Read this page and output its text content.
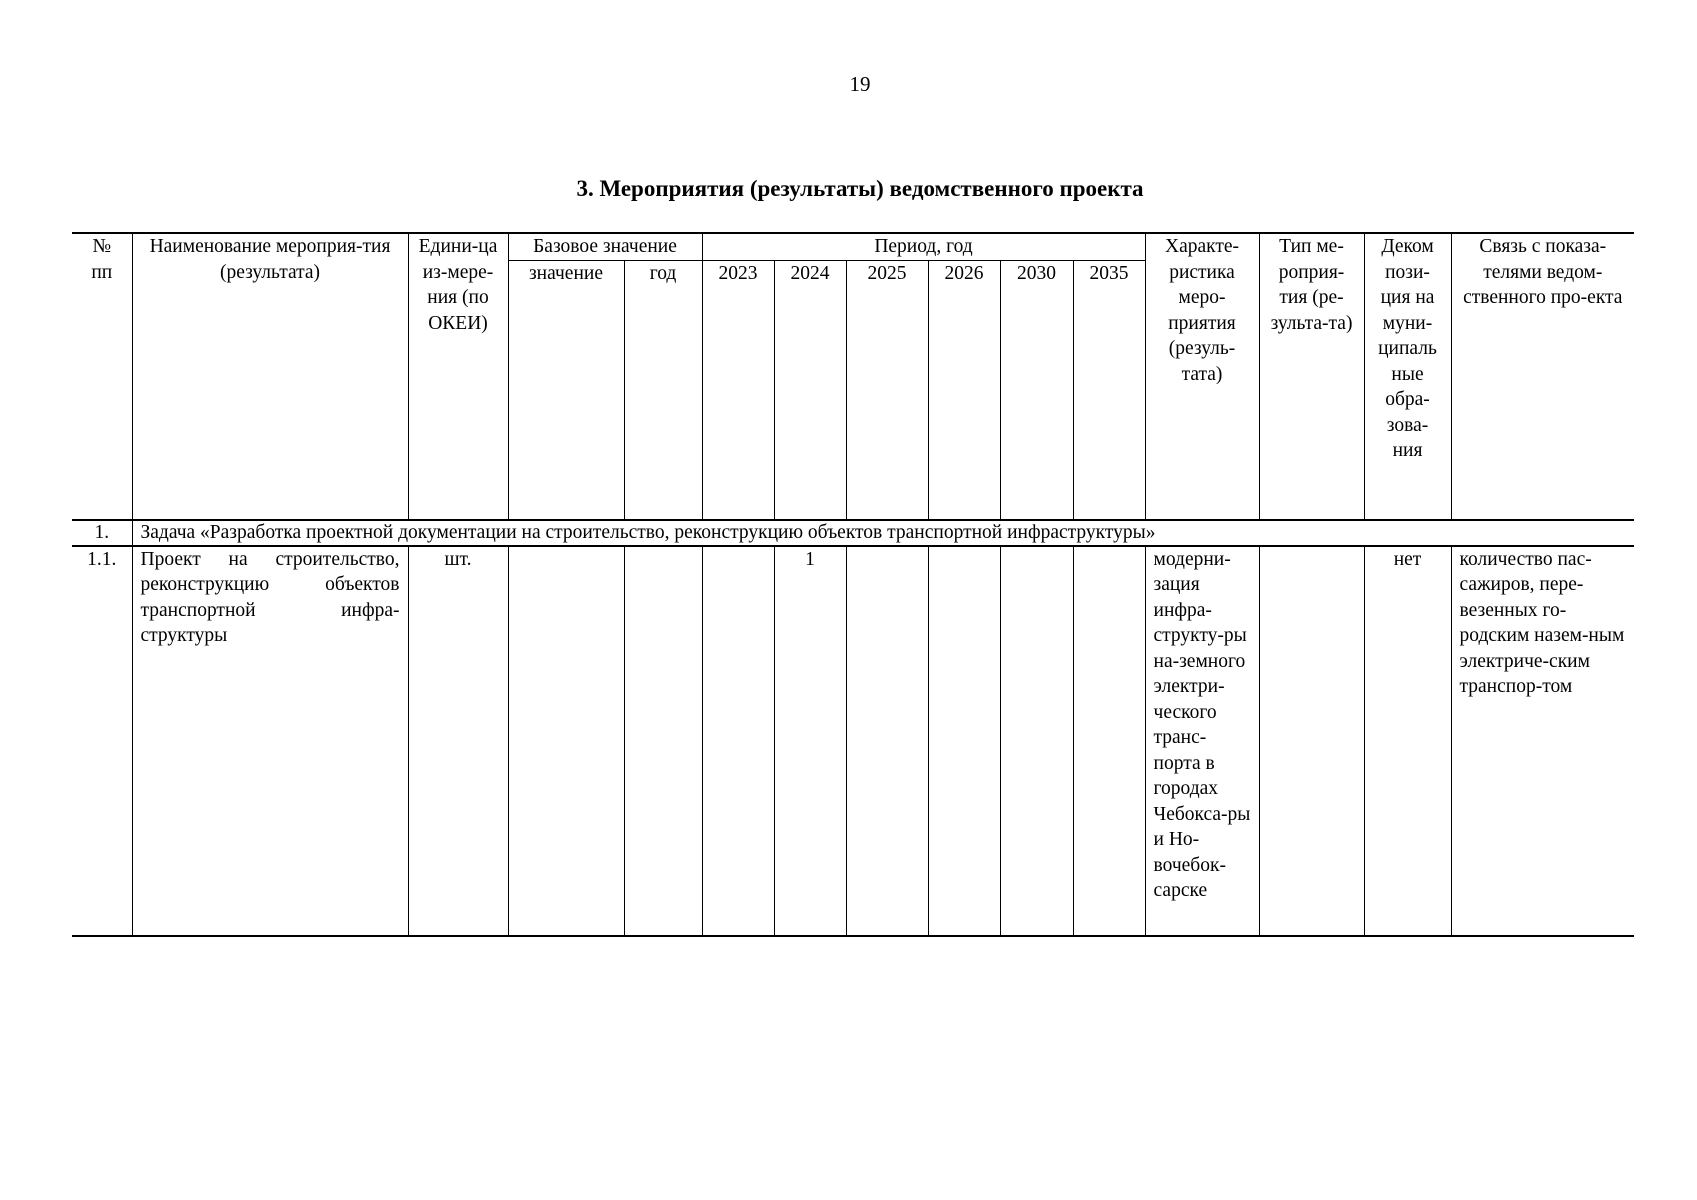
19
3. Мероприятия (результаты) ведомственного проекта
№ пп	Наименование мероприя-тия (результата)	Едини-ца из-мере-ния (по ОКЕИ)	Базовое значение		Период, год						Характе-ристика меро-приятия (резуль-тата)	Тип ме-роприя-тия (ре-зульта-та)	Деком пози-ция на муни-ципаль ные обра-зова-ния	Связь с показа-телями ведом-ственного про-екта
			значение	год	2023	2024	2025	2026	2030	2035				
1.	Задача «Разработка проектной документации на строительство, реконструкцию объектов транспортной инфраструктуры»													
1.1.	Проект на строительство, реконструкцию объектов транспортной инфра-структуры	шт.				1					модерни-зация инфра-структу-ры на-земного электри-ческого транс-порта в городах Чебокса-ры и Но-вочебок-сарске		нет	количество пас-сажиров, пере-везенных го-родским назем-ным электриче-ским транспор-том
